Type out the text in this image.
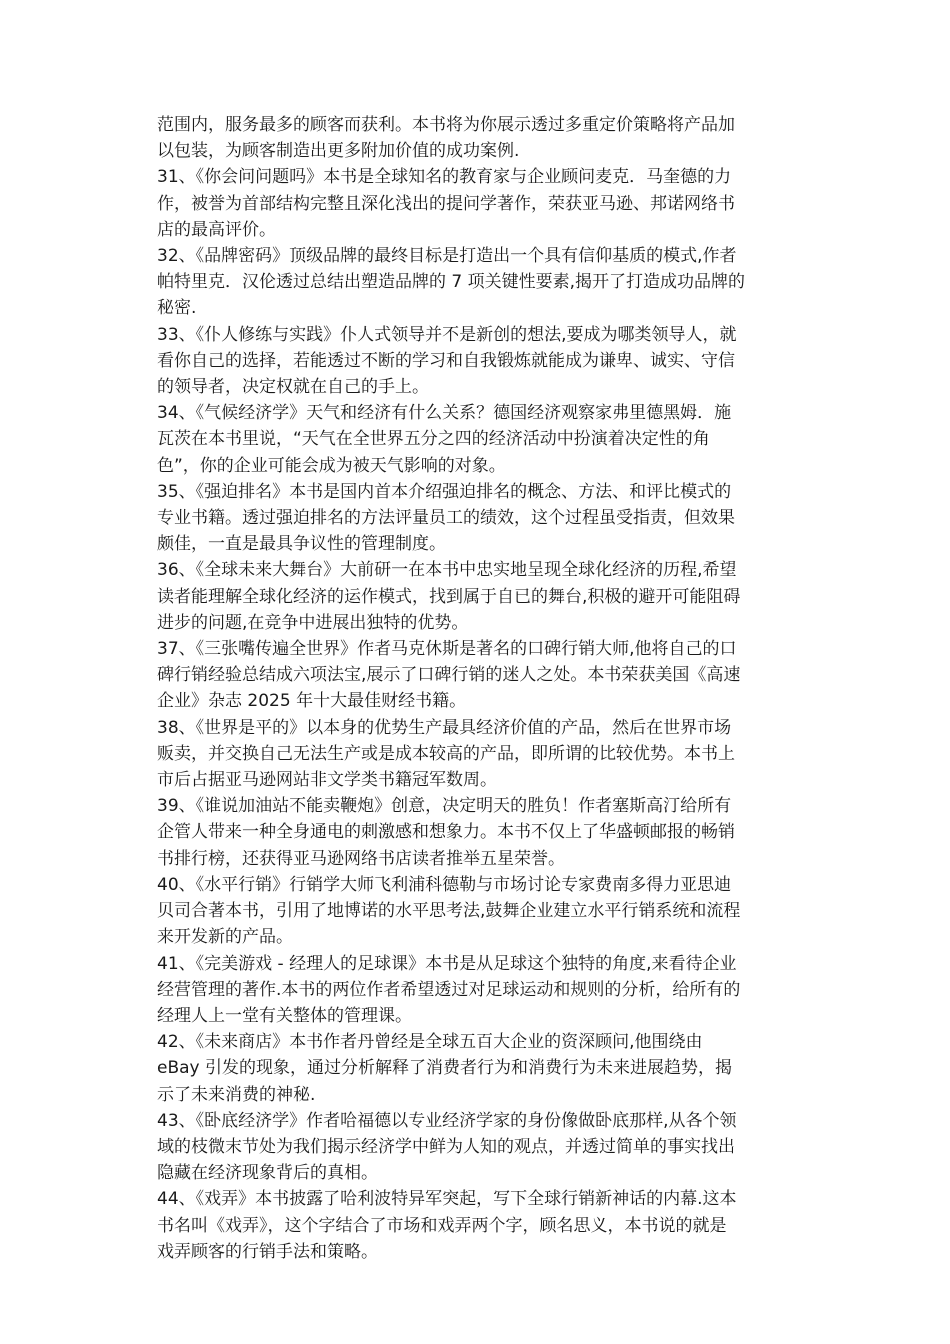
范围内，服务最多的顾客而获利。本书将为你展示透过多重定价策略将产品加
以包装，为顾客制造出更多附加价值的成功案例.
31、《你会问问题吗》本书是全球知名的教育家与企业顾问麦克．马奎德的力
作，被誉为首部结构完整且深化浅出的提问学著作，荣获亚马逊、邦诺网络书
店的最高评价。
32、《品牌密码》顶级品牌的最终目标是打造出一个具有信仰基质的模式,作者
帕特里克．汉伦透过总结出塑造品牌的 7 项关键性要素,揭开了打造成功品牌的
秘密.
33、《仆人修练与实践》仆人式领导并不是新创的想法,要成为哪类领导人，就
看你自己的选择，若能透过不断的学习和自我锻炼就能成为谦卑、诚实、守信
的领导者，决定权就在自己的手上。
34、《气候经济学》天气和经济有什么关系？德国经济观察家弗里德黑姆．施
瓦茨在本书里说，“天气在全世界五分之四的经济活动中扮演着决定性的角
色”，你的企业可能会成为被天气影响的对象。
35、《强迫排名》本书是国内首本介绍强迫排名的概念、方法、和评比模式的
专业书籍。透过强迫排名的方法评量员工的绩效，这个过程虽受指责，但效果
颇佳，一直是最具争议性的管理制度。
36、《全球未来大舞台》大前研一在本书中忠实地呈现全球化经济的历程,希望
读者能理解全球化经济的运作模式，找到属于自已的舞台,积极的避开可能阻碍
进步的问题,在竞争中进展出独特的优势。
37、《三张嘴传遍全世界》作者马克休斯是著名的口碑行销大师,他将自己的口
碑行销经验总结成六项法宝,展示了口碑行销的迷人之处。本书荣获美国《高速
企业》杂志 2025 年十大最佳财经书籍。
38、《世界是平的》以本身的优势生产最具经济价值的产品，然后在世界市场
贩卖，并交换自己无法生产或是成本较高的产品，即所谓的比较优势。本书上
市后占据亚马逊网站非文学类书籍冠军数周。
39、《谁说加油站不能卖鞭炮》创意，决定明天的胜负！作者塞斯高汀给所有
企管人带来一种全身通电的刺激感和想象力。本书不仅上了华盛顿邮报的畅销
书排行榜，还获得亚马逊网络书店读者推举五星荣誉。
40、《水平行销》行销学大师飞利浦科德勒与市场讨论专家费南多得力亚思迪
贝司合著本书，引用了地博诺的水平思考法,鼓舞企业建立水平行销系统和流程
来开发新的产品。
41、《完美游戏 - 经理人的足球课》本书是从足球这个独特的角度,来看待企业
经营管理的著作.本书的两位作者希望透过对足球运动和规则的分析，给所有的
经理人上一堂有关整体的管理课。
42、《未来商店》本书作者丹曾经是全球五百大企业的资深顾问,他围绕由
eBay 引发的现象，通过分析解释了消费者行为和消费行为未来进展趋势，揭
示了未来消费的神秘.
43、《卧底经济学》作者哈福德以专业经济学家的身份像做卧底那样,从各个领
域的枝微末节处为我们揭示经济学中鲜为人知的观点，并透过简单的事实找出
隐藏在经济现象背后的真相。
44、《戏弄》本书披露了哈利波特异军突起，写下全球行销新神话的内幕.这本
书名叫《戏弄》，这个字结合了市场和戏弄两个字，顾名思义，本书说的就是
戏弄顾客的行销手法和策略。
